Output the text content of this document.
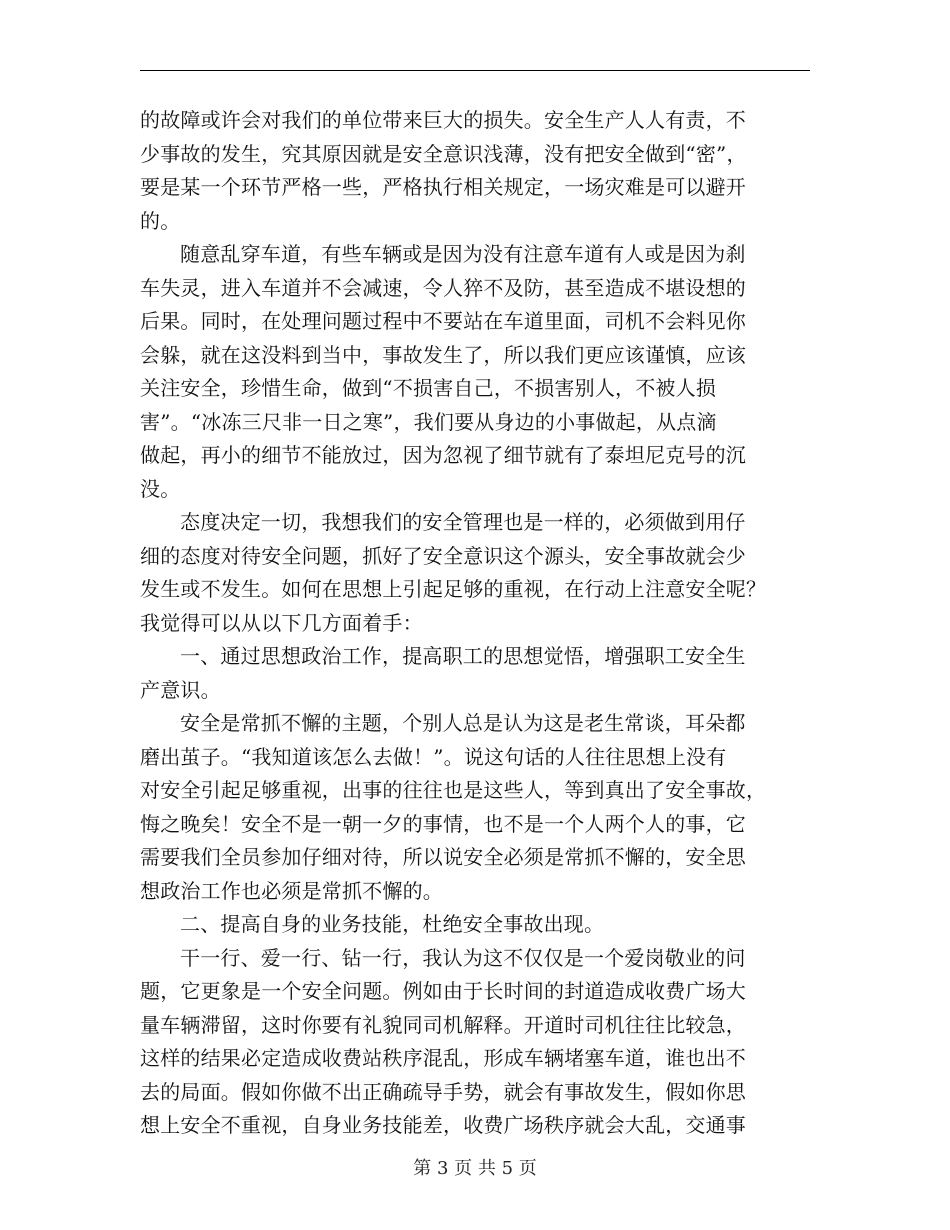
的故障或许会对我们的单位带来巨大的损失。安全生产人人有责，不
少事故的发生，究其原因就是安全意识浅薄，没有把安全做到“密”，
要是某一个环节严格一些，严格执行相关规定，一场灾难是可以避开
的。
随意乱穿车道，有些车辆或是因为没有注意车道有人或是因为刹
车失灵，进入车道并不会减速，令人猝不及防，甚至造成不堪设想的
后果。同时，在处理问题过程中不要站在车道里面，司机不会料见你
会躲，就在这没料到当中，事故发生了，所以我们更应该谨慎，应该
关注安全，珍惜生命，做到“不损害自己，不损害别人，不被人损
害”。“冰冻三尺非一日之寒”，我们要从身边的小事做起，从点滴
做起，再小的细节不能放过，因为忽视了细节就有了泰坦尼克号的沉
没。
态度决定一切，我想我们的安全管理也是一样的，必须做到用仔
细的态度对待安全问题，抓好了安全意识这个源头，安全事故就会少
发生或不发生。如何在思想上引起足够的重视，在行动上注意安全呢？
我觉得可以从以下几方面着手：
一、通过思想政治工作，提高职工的思想觉悟，增强职工安全生
产意识。
安全是常抓不懈的主题，个别人总是认为这是老生常谈，耳朵都
磨出茧子。“我知道该怎么去做！”。说这句话的人往往思想上没有
对安全引起足够重视，出事的往往也是这些人，等到真出了安全事故，
悔之晚矣！安全不是一朝一夕的事情，也不是一个人两个人的事，它
需要我们全员参加仔细对待，所以说安全必须是常抓不懈的，安全思
想政治工作也必须是常抓不懈的。
二、提高自身的业务技能，杜绝安全事故出现。
干一行、爱一行、钻一行，我认为这不仅仅是一个爱岗敬业的问
题，它更象是一个安全问题。例如由于长时间的封道造成收费广场大
量车辆滞留，这时你要有礼貌同司机解释。开道时司机往往比较急，
这样的结果必定造成收费站秩序混乱，形成车辆堵塞车道，谁也出不
去的局面。假如你做不出正确疏导手势，就会有事故发生，假如你思
想上安全不重视，自身业务技能差，收费广场秩序就会大乱，交通事
第 3 页 共 5 页
